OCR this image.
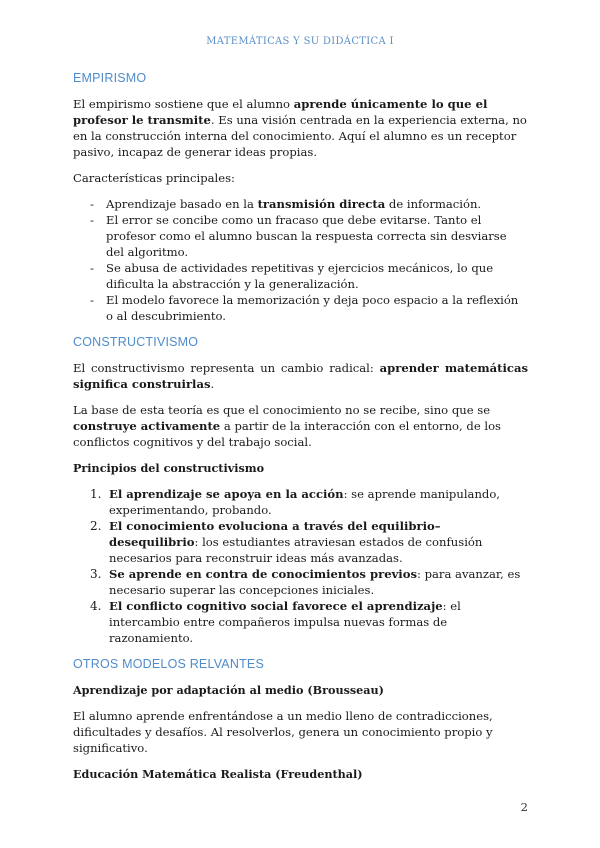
MATEMÁTICAS Y SU DIDÁCTICA I
EMPIRISMO

El empirismo sostiene que el alumno aprende únicamente lo que el profesor le transmite. Es una visión centrada en la experiencia externa, no en la construcción interna del conocimiento. Aquí el alumno es un receptor pasivo, incapaz de generar ideas propias.

Características principales:

- Aprendizaje basado en la transmisión directa de información.
- El error se concibe como un fracaso que debe evitarse. Tanto el profesor como el alumno buscan la respuesta correcta sin desviarse del algoritmo.
- Se abusa de actividades repetitivas y ejercicios mecánicos, lo que dificulta la abstracción y la generalización.
- El modelo favorece la memorización y deja poco espacio a la reflexión o al descubrimiento.
CONSTRUCTIVISMO

El constructivismo representa un cambio radical: aprender matemáticas significa construirlas.

La base de esta teoría es que el conocimiento no se recibe, sino que se construye activamente a partir de la interacción con el entorno, de los conflictos cognitivos y del trabajo social.

Principios del constructivismo
1. El aprendizaje se apoya en la acción: se aprende manipulando, experimentando, probando.
2. El conocimiento evoluciona a través del equilibrio–desequilibrio: los estudiantes atraviesan estados de confusión necesarios para reconstruir ideas más avanzadas.
3. Se aprende en contra de conocimientos previos: para avanzar, es necesario superar las concepciones iniciales.
4. El conflicto cognitivo social favorece el aprendizaje: el intercambio entre compañeros impulsa nuevas formas de razonamiento.
OTROS MODELOS RELVANTES
Aprendizaje por adaptación al medio (Brousseau)

El alumno aprende enfrentándose a un medio lleno de contradicciones, dificultades y desafíos. Al resolverlos, genera un conocimiento propio y significativo.

Educación Matemática Realista (Freudenthal)
2
